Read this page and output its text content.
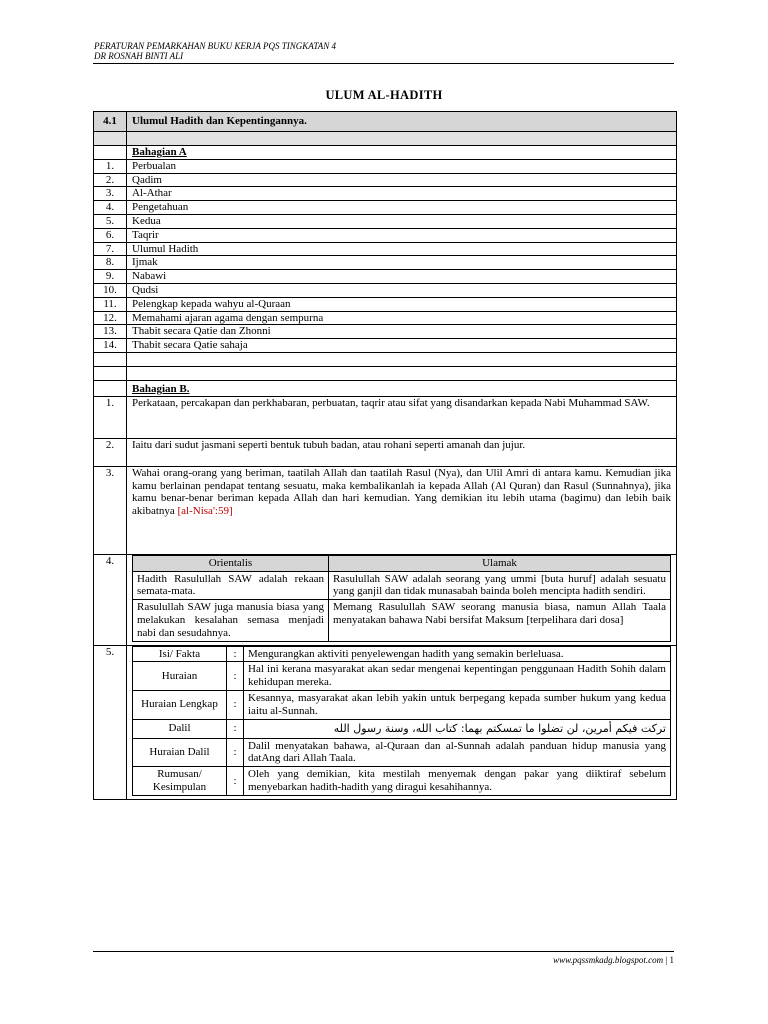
PERATURAN PEMARKAHAN BUKU KERJA PQS TINGKATAN 4
DR ROSNAH BINTI ALI
ULUM AL-HADITH
4.1	Ulumul Hadith dan Kepentingannya.

	Bahagian A
1.	Perbualan
2.	Qadim
3.	Al-Athar
4.	Pengetahuan
5.	Kedua
6.	Taqrir
7.	Ulumul Hadith
8.	Ijmak
9.	Nabawi
10.	Qudsi
11.	Pelengkap kepada wahyu al-Quraan
12.	Memahami ajaran agama dengan sempurna
13.	Thabit secara Qatie dan Zhonni
14.	Thabit secara Qatie sahaja

	Bahagian B.
1.	Perkataan, percakapan dan perkhabaran, perbuatan, taqrir atau sifat yang disandarkan kepada Nabi Muhammad SAW.
2.	Iaitu dari sudut jasmani seperti bentuk tubuh badan, atau rohani seperti amanah dan jujur.
3.	Wahai orang-orang yang beriman, taatilah Allah dan taatilah Rasul (Nya), dan Ulil Amri di antara kamu. Kemudian jika kamu berlainan pendapat tentang sesuatu, maka kembalikanlah ia kepada Allah (Al Quran) dan Rasul (Sunnahnya), jika kamu benar-benar beriman kepada Allah dan hari kemudian. Yang demikian itu lebih utama (bagimu) dan lebih baik akibatnya [al-Nisa':59]
4.		Orientalis	Ulamak
Hadith Rasulullah SAW adalah rekaan semata-mata.	Rasulullah SAW adalah seorang yang ummi [buta huruf] adalah sesuatu yang ganjil dan tidak munasabah bainda boleh mencipta hadith sendiri.
Rasulullah SAW juga manusia biasa yang melakukan kesalahan semasa menjadi nabi dan sesudahnya.	Memang Rasulullah SAW seorang manusia biasa, namun Allah Taala menyatakan bahawa Nabi bersifat Maksum [terpelihara dari dosa]

5.		Isi/ Fakta	:	Mengurangkan aktiviti penyelewengan hadith yang semakin berleluasa.
Huraian	:	Hal ini kerana masyarakat akan sedar mengenai kepentingan penggunaan Hadith Sohih dalam kehidupan mereka.
Huraian Lengkap	:	Kesannya, masyarakat akan lebih yakin untuk berpegang kepada sumber hukum yang kedua iaitu al-Sunnah.
Dalil	:	تركت فيكم أمرين، لن تضلوا ما تمسكتم بهما: كتاب الله، وسنة رسول الله
Huraian Dalil	:	Dalil menyatakan bahawa, al-Quraan dan al-Sunnah adalah panduan hidup manusia yang datAng dari Allah Taala.
Rumusan/ Kesimpulan	:	Oleh yang demikian, kita mestilah menyemak dengan pakar yang diiktiraf sebelum menyebarkan hadith-hadith yang diragui kesahihannya.
www.pqssmkadg.blogspot.com | 1
